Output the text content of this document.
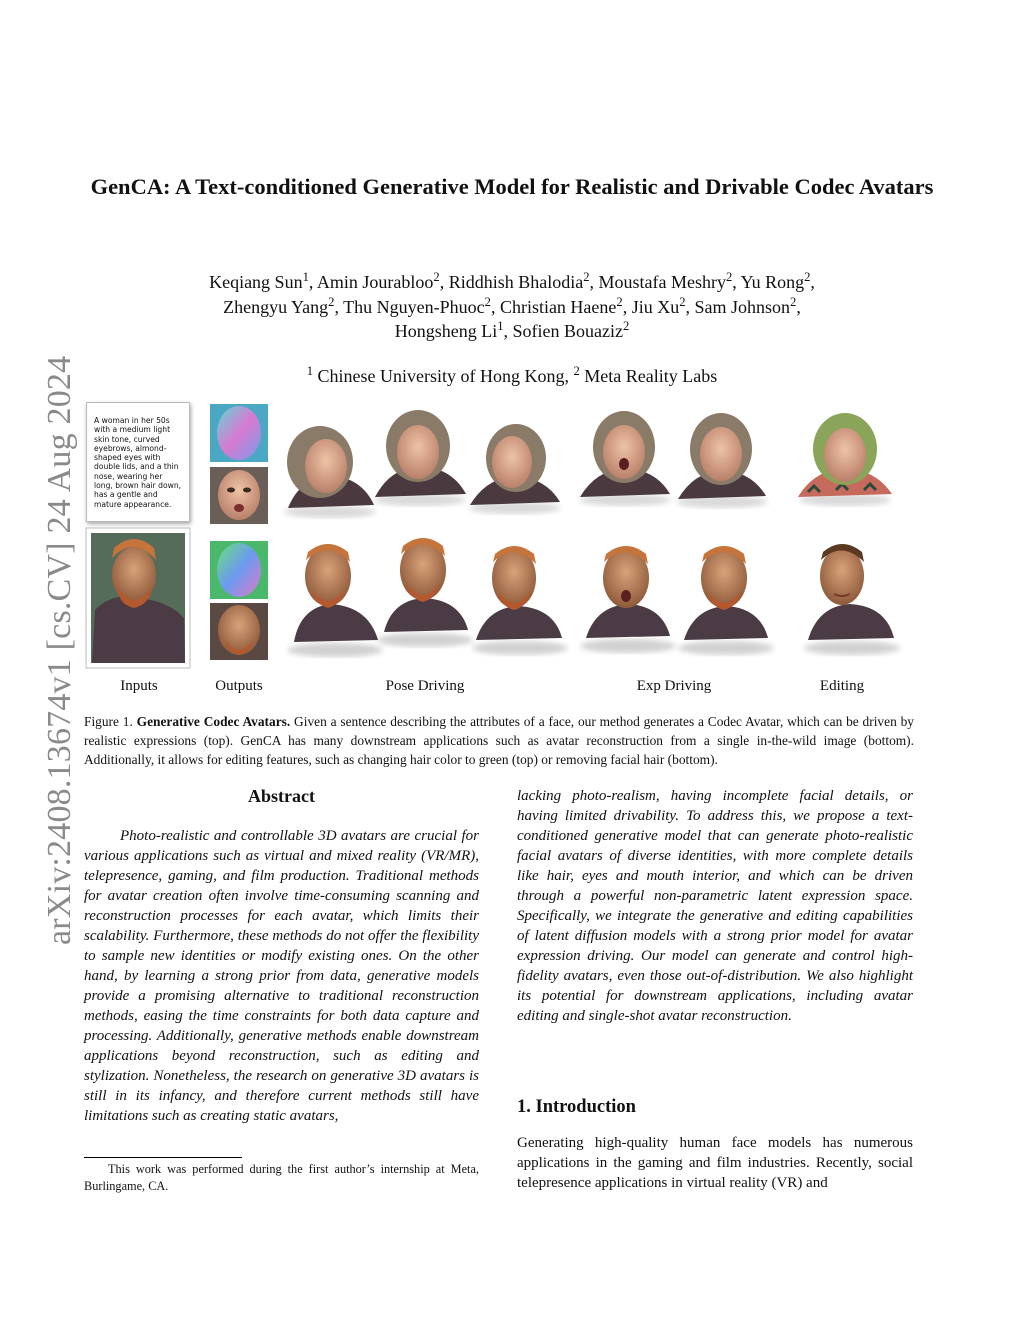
arXiv:2408.13674v1 [cs.CV] 24 Aug 2024
GenCA: A Text-conditioned Generative Model for Realistic and Drivable Codec Avatars
Keqiang Sun$^1$, Amin Jourabloo$^2$, Riddhish Bhalodia$^2$, Moustafa Meshry$^2$, Yu Rong$^2$,
Zhengyu Yang$^2$, Thu Nguyen-Phuoc$^2$, Christian Haene$^2$, Jiu Xu$^2$, Sam Johnson$^2$,
Hongsheng Li$^1$, Sofien Bouaziz$^2$
$^1$ Chinese University of Hong Kong, $^2$ Meta Reality Labs
A woman in her 50s with a medium light skin tone, curved eyebrows, almond-shaped eyes with double lids, and a thin nose, wearing her long, brown hair down, has a gentle and mature appearance.
Inputs	Outputs	Pose Driving	Exp Driving	Editing
Figure 1. Generative Codec Avatars. Given a sentence describing the attributes of a face, our method generates a Codec Avatar, which can be driven by realistic expressions (top). GenCA has many downstream applications such as avatar reconstruction from a single in-the-wild image (bottom). Additionally, it allows for editing features, such as changing hair color to green (top) or removing facial hair (bottom).
Abstract
Photo-realistic and controllable 3D avatars are crucial for various applications such as virtual and mixed reality (VR/MR), telepresence, gaming, and film production. Traditional methods for avatar creation often involve time-consuming scanning and reconstruction processes for each avatar, which limits their scalability. Furthermore, these methods do not offer the flexibility to sample new identities or modify existing ones. On the other hand, by learning a strong prior from data, generative models provide a promising alternative to traditional reconstruction methods, easing the time constraints for both data capture and processing. Additionally, generative methods enable downstream applications beyond reconstruction, such as editing and stylization. Nonetheless, the research on generative 3D avatars is still in its infancy, and therefore current methods still have limitations such as creating static avatars,
lacking photo-realism, having incomplete facial details, or having limited drivability. To address this, we propose a text-conditioned generative model that can generate photo-realistic facial avatars of diverse identities, with more complete details like hair, eyes and mouth interior, and which can be driven through a powerful non-parametric latent expression space. Specifically, we integrate the generative and editing capabilities of latent diffusion models with a strong prior model for avatar expression driving. Our model can generate and control high-fidelity avatars, even those out-of-distribution. We also highlight its potential for downstream applications, including avatar editing and single-shot avatar reconstruction.
1. Introduction
Generating high-quality human face models has numerous applications in the gaming and film industries. Recently, social telepresence applications in virtual reality (VR) and
This work was performed during the first author’s internship at Meta, Burlingame, CA.
